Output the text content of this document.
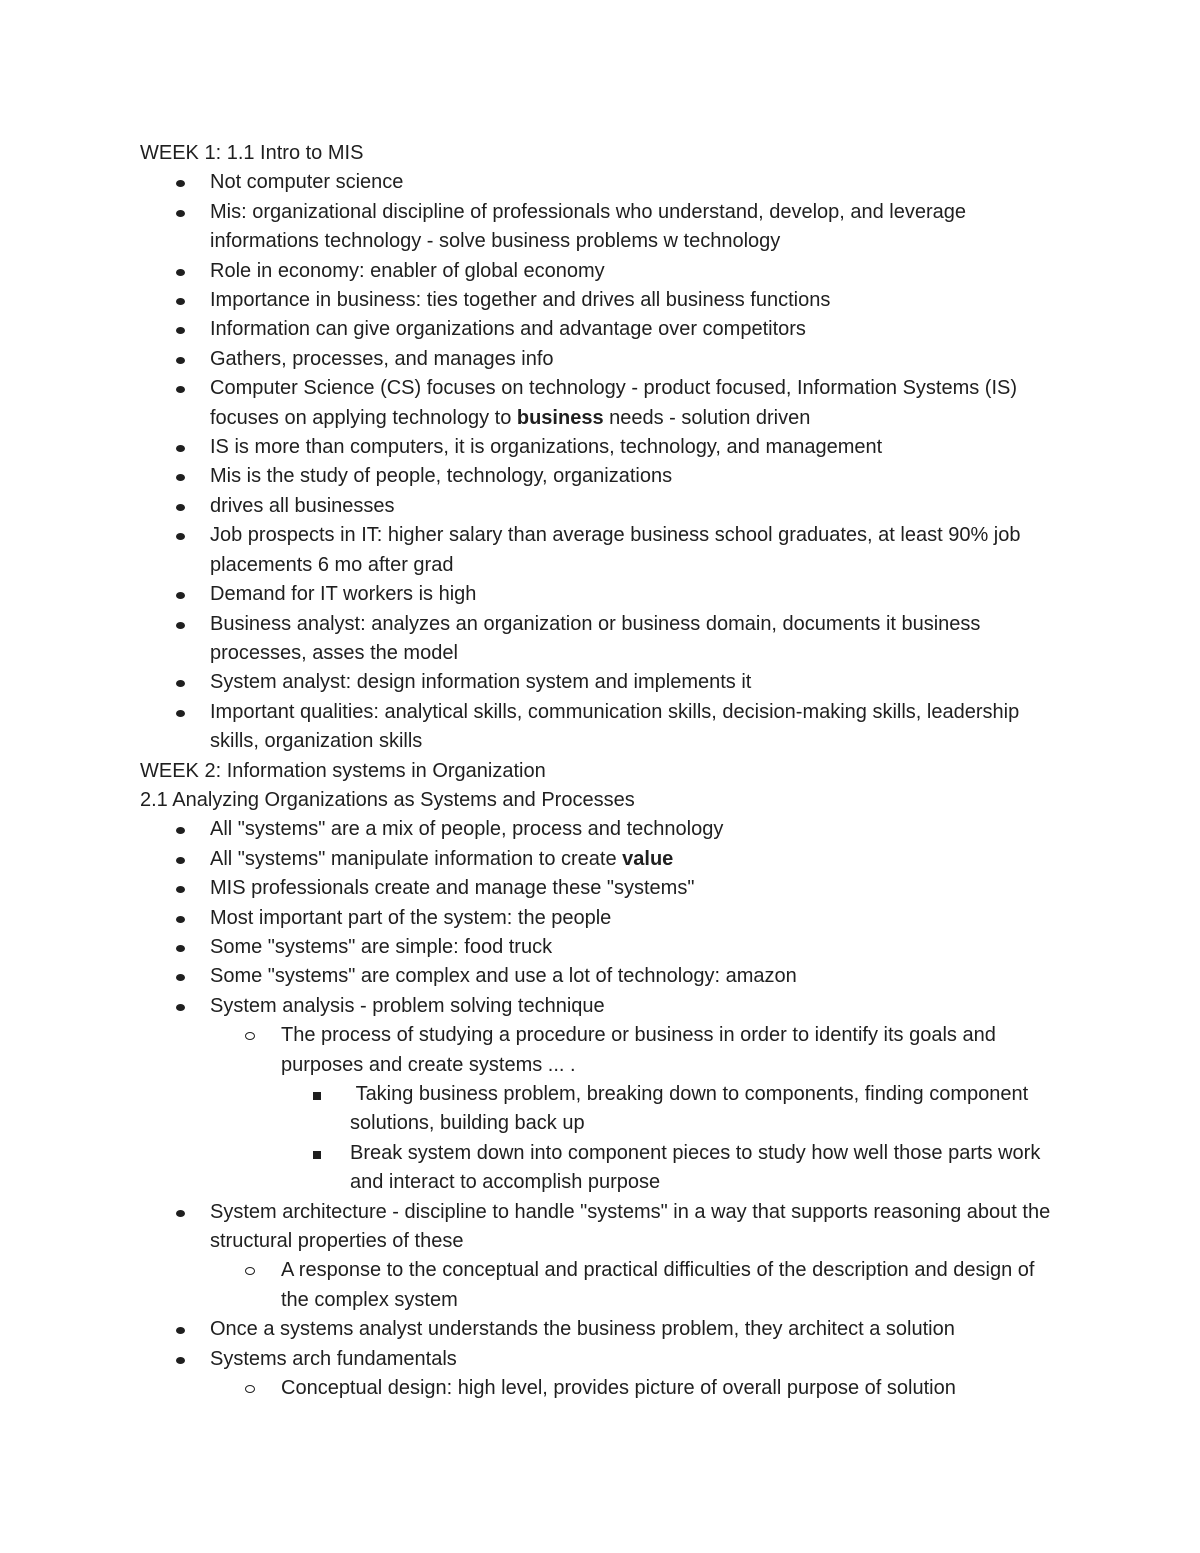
WEEK 1: 1.1 Intro to MIS

Not computer science
Mis: organizational discipline of professionals who understand, develop, and leverage informations technology - solve business problems w technology
Role in economy: enabler of global economy
Importance in business: ties together and drives all business functions
Information can give organizations and advantage over competitors
Gathers, processes, and manages info
Computer Science (CS) focuses on technology - product focused, Information Systems (IS) focuses on applying technology to business needs - solution driven
IS is more than computers, it is organizations, technology, and management
Mis is the study of people, technology, organizations
drives all businesses
Job prospects in IT: higher salary than average business school graduates, at least 90% job placements 6 mo after grad
Demand for IT workers is high
Business analyst: analyzes an organization or business domain, documents it business processes, asses the model
System analyst: design information system and implements it
Important qualities: analytical skills, communication skills, decision-making skills, leadership skills, organization skills

WEEK 2: Information systems in Organization

2.1 Analyzing Organizations as Systems and Processes

All "systems" are a mix of people, process and technology
All "systems" manipulate information to create value
MIS professionals create and manage these "systems"
Most important part of the system: the people
Some "systems" are simple: food truck
Some "systems" are complex and use a lot of technology: amazon
System analysis - problem solving technique
The process of studying a procedure or business in order to identify its goals and purposes and create systems ... .
Taking business problem, breaking down to components, finding component solutions, building back up
Break system down into component pieces to study how well those parts work and interact to accomplish purpose
System architecture - discipline to handle "systems" in a way that supports reasoning about the structural properties of these
A response to the conceptual and practical difficulties of the description and design of the complex system
Once a systems analyst understands the business problem, they architect a solution
Systems arch fundamentals
Conceptual design: high level, provides picture of overall purpose of solution
